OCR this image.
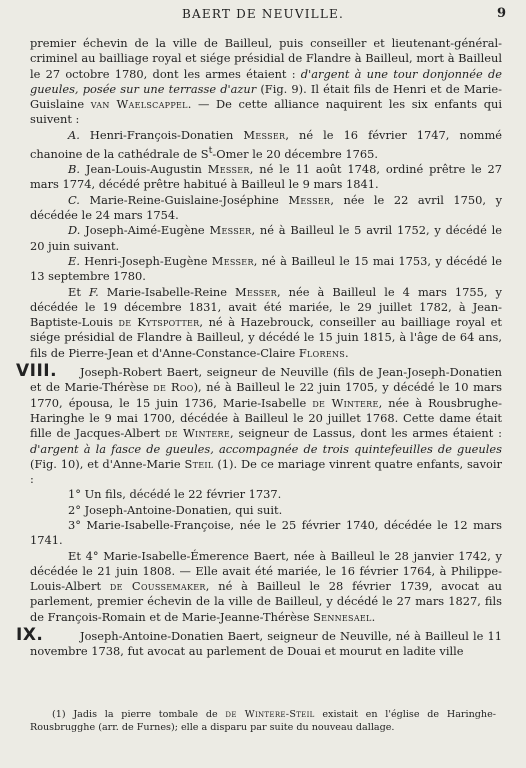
BAERT DE NEUVILLE.	9

premier échevin de la ville de Bailleul, puis conseiller et lieutenant-général-criminel au bailliage royal et siége présidial de Flandre à Bailleul, mort à Bailleul le 27 octobre 1780, dont les armes étaient : d'argent à une tour donjonnée de gueules, posée sur une terrasse d'azur (Fig. 9). Il était fils de Henri et de Marie-Guislaine van Waelscappel. — De cette alliance naquirent les six enfants qui suivent :

A. Henri-François-Donatien Messer, né le 16 février 1747, nommé chanoine de la cathédrale de $S^t$-Omer le 20 décembre 1765.

B. Jean-Louis-Augustin Messer, né le 11 août 1748, ordiné prêtre le 27 mars 1774, décédé prêtre habitué à Bailleul le 9 mars 1841.

C. Marie-Reine-Guislaine-Joséphine Messer, née le 22 avril 1750, y décédée le 24 mars 1754.

D. Joseph-Aimé-Eugène Messer, né à Bailleul le 5 avril 1752, y décédé le 20 juin suivant.

E. Henri-Joseph-Eugène Messer, né à Bailleul le 15 mai 1753, y décédé le 13 septembre 1780.

Et F. Marie-Isabelle-Reine Messer, née à Bailleul le 4 mars 1755, y décédée le 19 décembre 1831, avait été mariée, le 29 juillet 1782, à Jean-Baptiste-Louis de Kytspotter, né à Hazebrouck, conseiller au bailliage royal et siége présidial de Flandre à Bailleul, y décédé le 15 juin 1815, à l'âge de 64 ans, fils de Pierre-Jean et d'Anne-Constance-Claire Florens.

VIII.	Joseph-Robert Baert, seigneur de Neuville (fils de Jean-Joseph-Donatien et de Marie-Thérèse de Roo), né à Bailleul le 22 juin 1705, y décédé le 10 mars 1770, épousa, le 15 juin 1736, Marie-Isabelle de Wintere, née à Rousbrughe-Haringhe le 9 mai 1700, décédée à Bailleul le 20 juillet 1768. Cette dame était fille de Jacques-Albert de Wintere, seigneur de Lassus, dont les armes étaient : d'argent à la fasce de gueules, accompagnée de trois quintefeuilles de gueules (Fig. 10), et d'Anne-Marie Steil (1). De ce mariage vinrent quatre enfants, savoir :

1° Un fils, décédé le 22 février 1737.

2° Joseph-Antoine-Donatien, qui suit.

3° Marie-Isabelle-Françoise, née le 25 février 1740, décédée le 12 mars 1741.

Et 4° Marie-Isabelle-Émerence Baert, née à Bailleul le 28 janvier 1742, y décédée le 21 juin 1808. — Elle avait été mariée, le 16 février 1764, à Philippe-Louis-Albert de Coussemaker, né à Bailleul le 28 février 1739, avocat au parlement, premier échevin de la ville de Bailleul, y décédé le 27 mars 1827, fils de François-Romain et de Marie-Jeanne-Thérèse Sennesael.

IX.	Joseph-Antoine-Donatien Baert, seigneur de Neuville, né à Bailleul le 11 novembre 1738, fut avocat au parlement de Douai et mourut en ladite ville

(1) Jadis la pierre tombale de de Wintere-Steil existait en l'église de Haringhe-Rousbrugghe (arr. de Furnes); elle a disparu par suite du nouveau dallage.
